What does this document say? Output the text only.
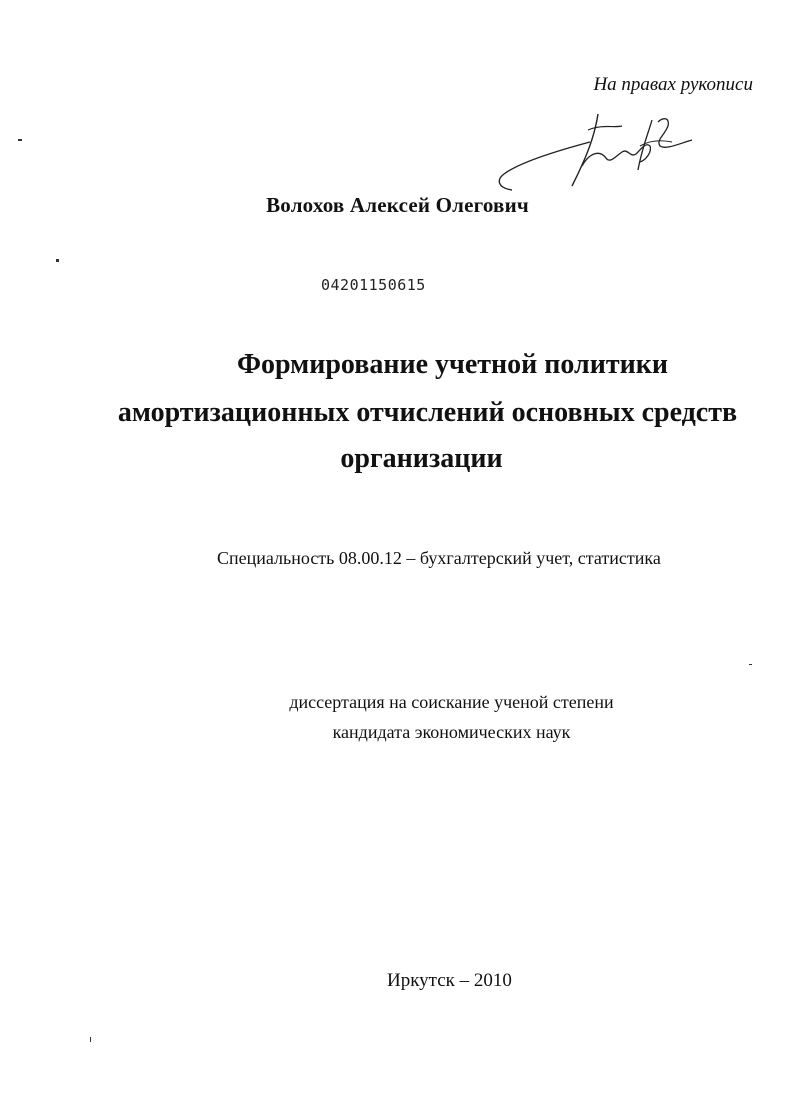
На правах рукописи
Волохов Алексей Олегович
04201150615
Формирование учетной политики
амортизационных отчислений основных средств
организации
Специальность 08.00.12 – бухгалтерский учет, статистика
диссертация на соискание ученой степени
кандидата экономических наук
Иркутск – 2010
